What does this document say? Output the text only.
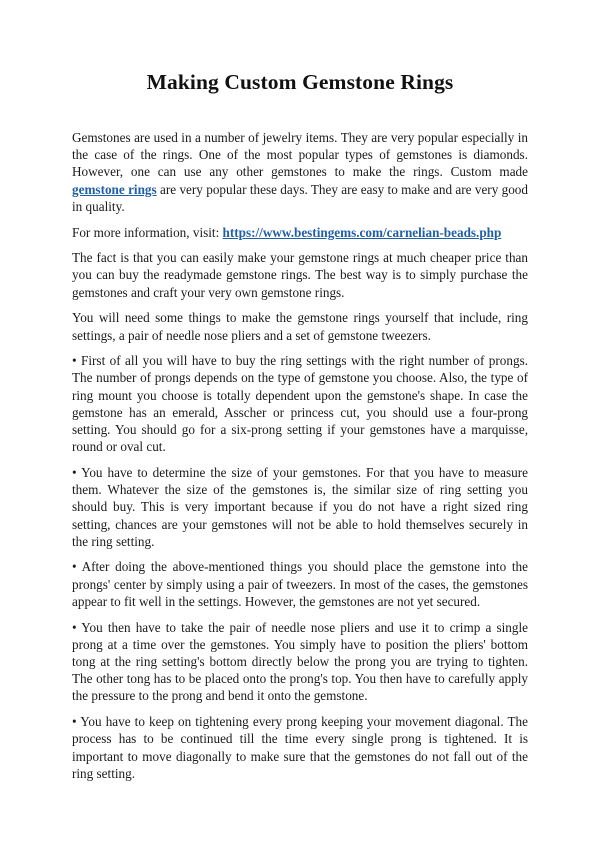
Making Custom Gemstone Rings

Gemstones are used in a number of jewelry items. They are very popular especially in the case of the rings. One of the most popular types of gemstones is diamonds. However, one can use any other gemstones to make the rings. Custom made gemstone rings are very popular these days. They are easy to make and are very good in quality.

For more information, visit: https://www.bestingems.com/carnelian-beads.php

The fact is that you can easily make your gemstone rings at much cheaper price than you can buy the readymade gemstone rings. The best way is to simply purchase the gemstones and craft your very own gemstone rings.

You will need some things to make the gemstone rings yourself that include, ring settings, a pair of needle nose pliers and a set of gemstone tweezers.

• First of all you will have to buy the ring settings with the right number of prongs. The number of prongs depends on the type of gemstone you choose. Also, the type of ring mount you choose is totally dependent upon the gemstone's shape. In case the gemstone has an emerald, Asscher or princess cut, you should use a four-prong setting. You should go for a six-prong setting if your gemstones have a marquisse, round or oval cut.

• You have to determine the size of your gemstones. For that you have to measure them. Whatever the size of the gemstones is, the similar size of ring setting you should buy. This is very important because if you do not have a right sized ring setting, chances are your gemstones will not be able to hold themselves securely in the ring setting.

• After doing the above-mentioned things you should place the gemstone into the prongs' center by simply using a pair of tweezers. In most of the cases, the gemstones appear to fit well in the settings. However, the gemstones are not yet secured.

• You then have to take the pair of needle nose pliers and use it to crimp a single prong at a time over the gemstones. You simply have to position the pliers' bottom tong at the ring setting's bottom directly below the prong you are trying to tighten. The other tong has to be placed onto the prong's top. You then have to carefully apply the pressure to the prong and bend it onto the gemstone.

• You have to keep on tightening every prong keeping your movement diagonal. The process has to be continued till the time every single prong is tightened. It is important to move diagonally to make sure that the gemstones do not fall out of the ring setting.
